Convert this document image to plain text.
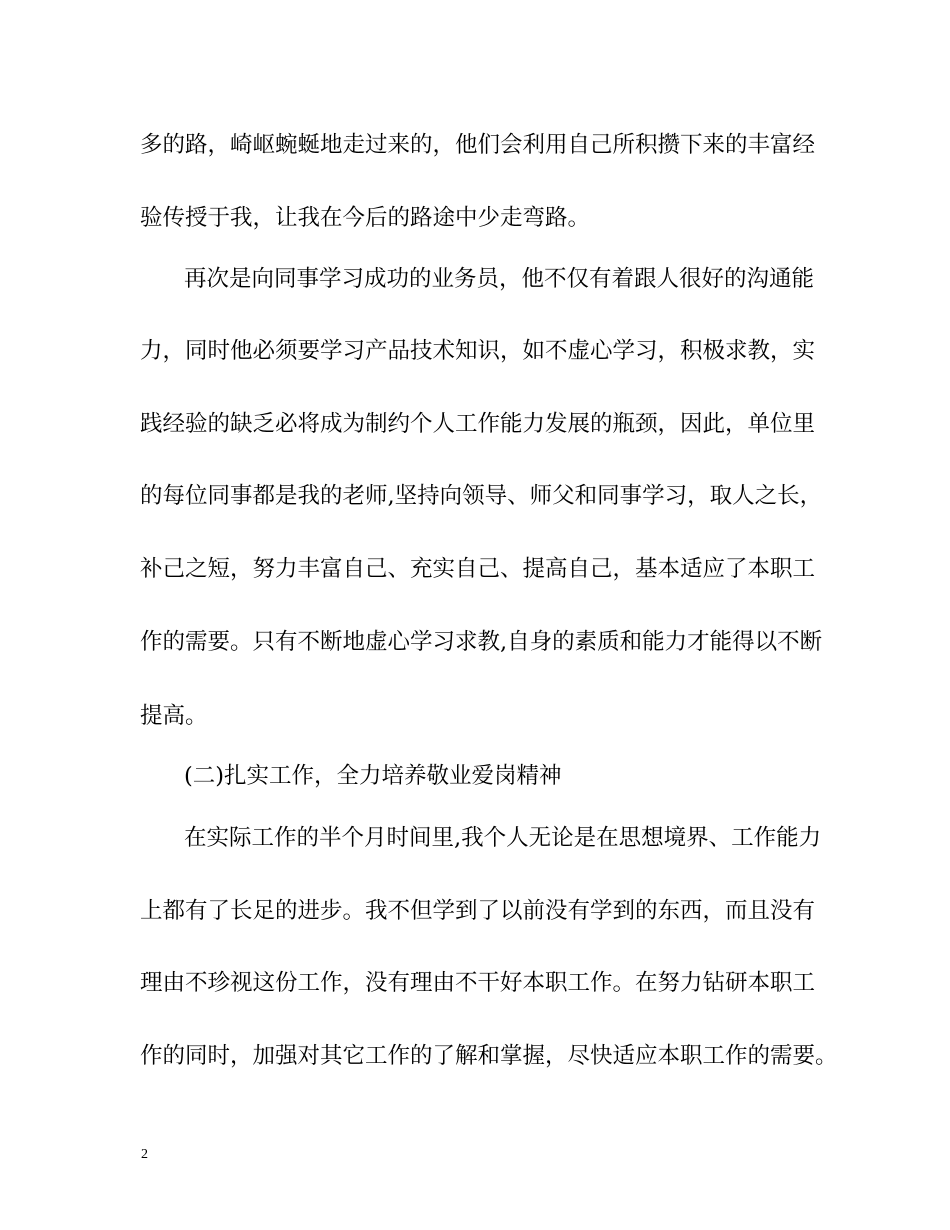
多的路，崎岖蜿蜒地走过来的，他们会利用自己所积攒下来的丰富经
验传授于我，让我在今后的路途中少走弯路。
再次是向同事学习成功的业务员，他不仅有着跟人很好的沟通能
力，同时他必须要学习产品技术知识，如不虚心学习，积极求教，实
践经验的缺乏必将成为制约个人工作能力发展的瓶颈，因此，单位里
的每位同事都是我的老师,坚持向领导、师父和同事学习，取人之长，
补己之短，努力丰富自己、充实自己、提高自己，基本适应了本职工
作的需要。只有不断地虚心学习求教,自身的素质和能力才能得以不断
提高。
(二)扎实工作，全力培养敬业爱岗精神
在实际工作的半个月时间里,我个人无论是在思想境界、工作能力
上都有了长足的进步。我不但学到了以前没有学到的东西，而且没有
理由不珍视这份工作，没有理由不干好本职工作。在努力钻研本职工
作的同时，加强对其它工作的了解和掌握，尽快适应本职工作的需要。
2
